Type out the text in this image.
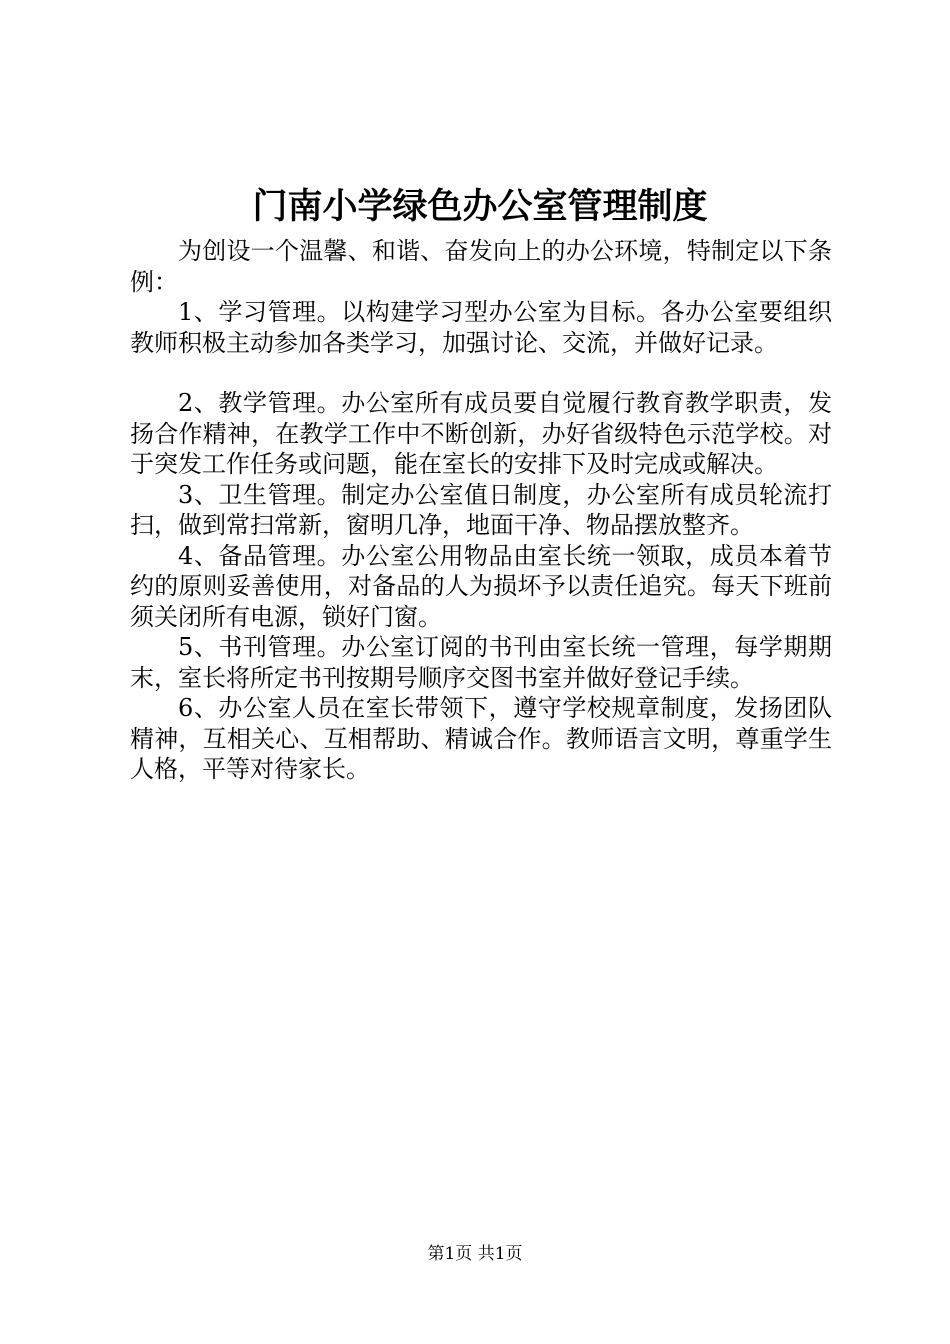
门南小学绿色办公室管理制度

为创设一个温馨、和谐、奋发向上的办公环境，特制定以下条例：

1、学习管理。以构建学习型办公室为目标。各办公室要组织教师积极主动参加各类学习，加强讨论、交流，并做好记录。

2、教学管理。办公室所有成员要自觉履行教育教学职责，发扬合作精神，在教学工作中不断创新，办好省级特色示范学校。对于突发工作任务或问题，能在室长的安排下及时完成或解决。

3、卫生管理。制定办公室值日制度，办公室所有成员轮流打扫，做到常扫常新，窗明几净，地面干净、物品摆放整齐。

4、备品管理。办公室公用物品由室长统一领取，成员本着节约的原则妥善使用，对备品的人为损坏予以责任追究。每天下班前须关闭所有电源，锁好门窗。

5、书刊管理。办公室订阅的书刊由室长统一管理，每学期期末，室长将所定书刊按期号顺序交图书室并做好登记手续。

6、办公室人员在室长带领下，遵守学校规章制度，发扬团队精神，互相关心、互相帮助、精诚合作。教师语言文明，尊重学生人格，平等对待家长。

第1页 共1页
